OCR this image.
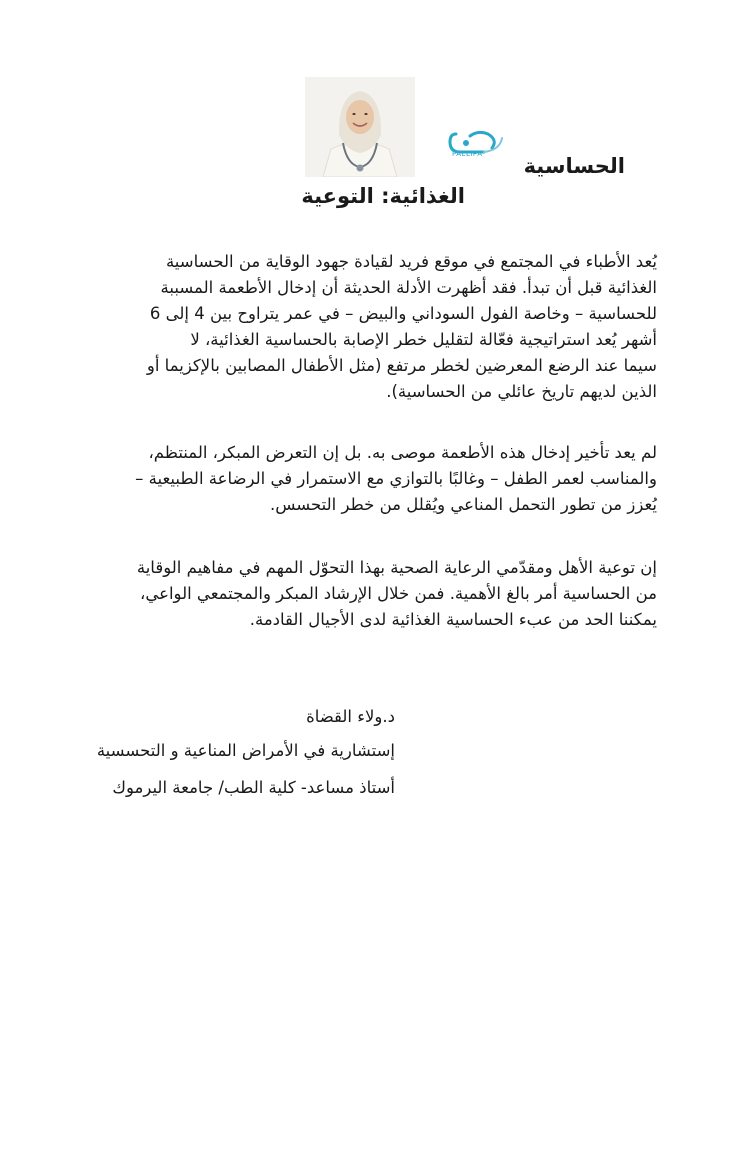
PALLIPA	الحساسية
الغذائية: التوعية
يُعد الأطباء في المجتمع في موقع فريد لقيادة جهود الوقاية من الحساسية
الغذائية قبل أن تبدأ. فقد أظهرت الأدلة الحديثة أن إدخال الأطعمة المسببة
للحساسية – وخاصة الفول السوداني والبيض – في عمر يتراوح بين 4 إلى 6
أشهر يُعد استراتيجية فعّالة لتقليل خطر الإصابة بالحساسية الغذائية، لا
سيما عند الرضع المعرضين لخطر مرتفع (مثل الأطفال المصابين بالإكزيما أو
الذين لديهم تاريخ عائلي من الحساسية).
لم يعد تأخير إدخال هذه الأطعمة موصى به. بل إن التعرض المبكر، المنتظم،
والمناسب لعمر الطفل – وغالبًا بالتوازي مع الاستمرار في الرضاعة الطبيعية –
يُعزز من تطور التحمل المناعي ويُقلل من خطر التحسس.
إن توعية الأهل ومقدّمي الرعاية الصحية بهذا التحوّل المهم في مفاهيم الوقاية
من الحساسية أمر بالغ الأهمية. فمن خلال الإرشاد المبكر والمجتمعي الواعي،
يمكننا الحد من عبء الحساسية الغذائية لدى الأجيال القادمة.
د.ولاء القضاة
إستشارية في الأمراض المناعية و التحسسية
أستاذ مساعد- كلية الطب/ جامعة اليرموك
